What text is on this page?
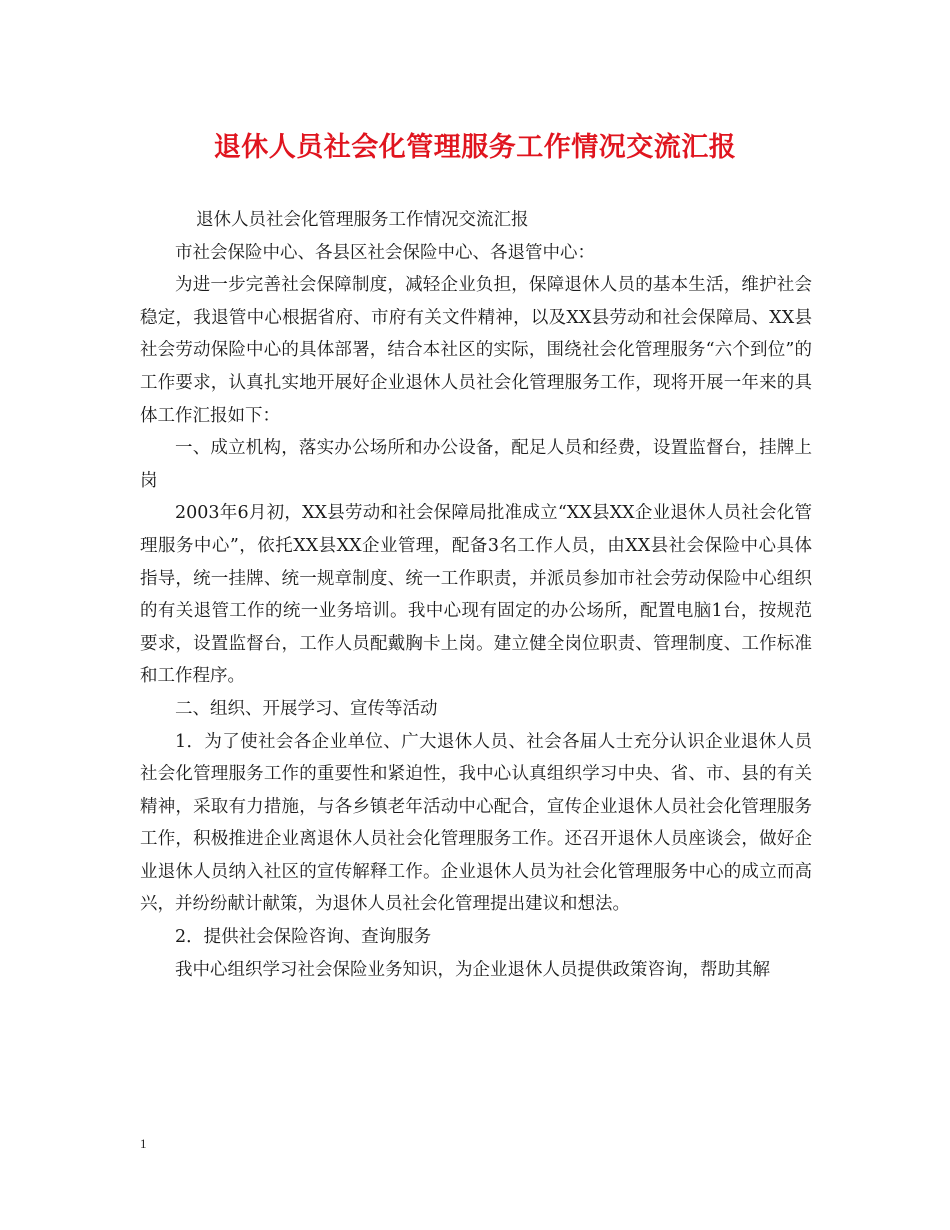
退休人员社会化管理服务工作情况交流汇报

退休人员社会化管理服务工作情况交流汇报

市社会保险中心、各县区社会保险中心、各退管中心：

为进一步完善社会保障制度，减轻企业负担，保障退休人员的基本生活，维护社会稳定，我退管中心根据省府、市府有关文件精神，以及XX县劳动和社会保障局、XX县社会劳动保险中心的具体部署，结合本社区的实际，围绕社会化管理服务“六个到位”的工作要求，认真扎实地开展好企业退休人员社会化管理服务工作，现将开展一年来的具体工作汇报如下：

一、成立机构，落实办公场所和办公设备，配足人员和经费，设置监督台，挂牌上岗

2003年6月初，XX县劳动和社会保障局批准成立“XX县XX企业退休人员社会化管理服务中心”，依托XX县XX企业管理，配备3名工作人员，由XX县社会保险中心具体指导，统一挂牌、统一规章制度、统一工作职责，并派员参加市社会劳动保险中心组织的有关退管工作的统一业务培训。我中心现有固定的办公场所，配置电脑1台，按规范要求，设置监督台，工作人员配戴胸卡上岗。建立健全岗位职责、管理制度、工作标准和工作程序。

二、组织、开展学习、宣传等活动

1．为了使社会各企业单位、广大退休人员、社会各届人士充分认识企业退休人员社会化管理服务工作的重要性和紧迫性，我中心认真组织学习中央、省、市、县的有关精神，采取有力措施，与各乡镇老年活动中心配合，宣传企业退休人员社会化管理服务工作，积极推进企业离退休人员社会化管理服务工作。还召开退休人员座谈会，做好企业退休人员纳入社区的宣传解释工作。企业退休人员为社会化管理服务中心的成立而高兴，并纷纷献计献策，为退休人员社会化管理提出建议和想法。

2．提供社会保险咨询、查询服务

我中心组织学习社会保险业务知识，为企业退休人员提供政策咨询，帮助其解

1
